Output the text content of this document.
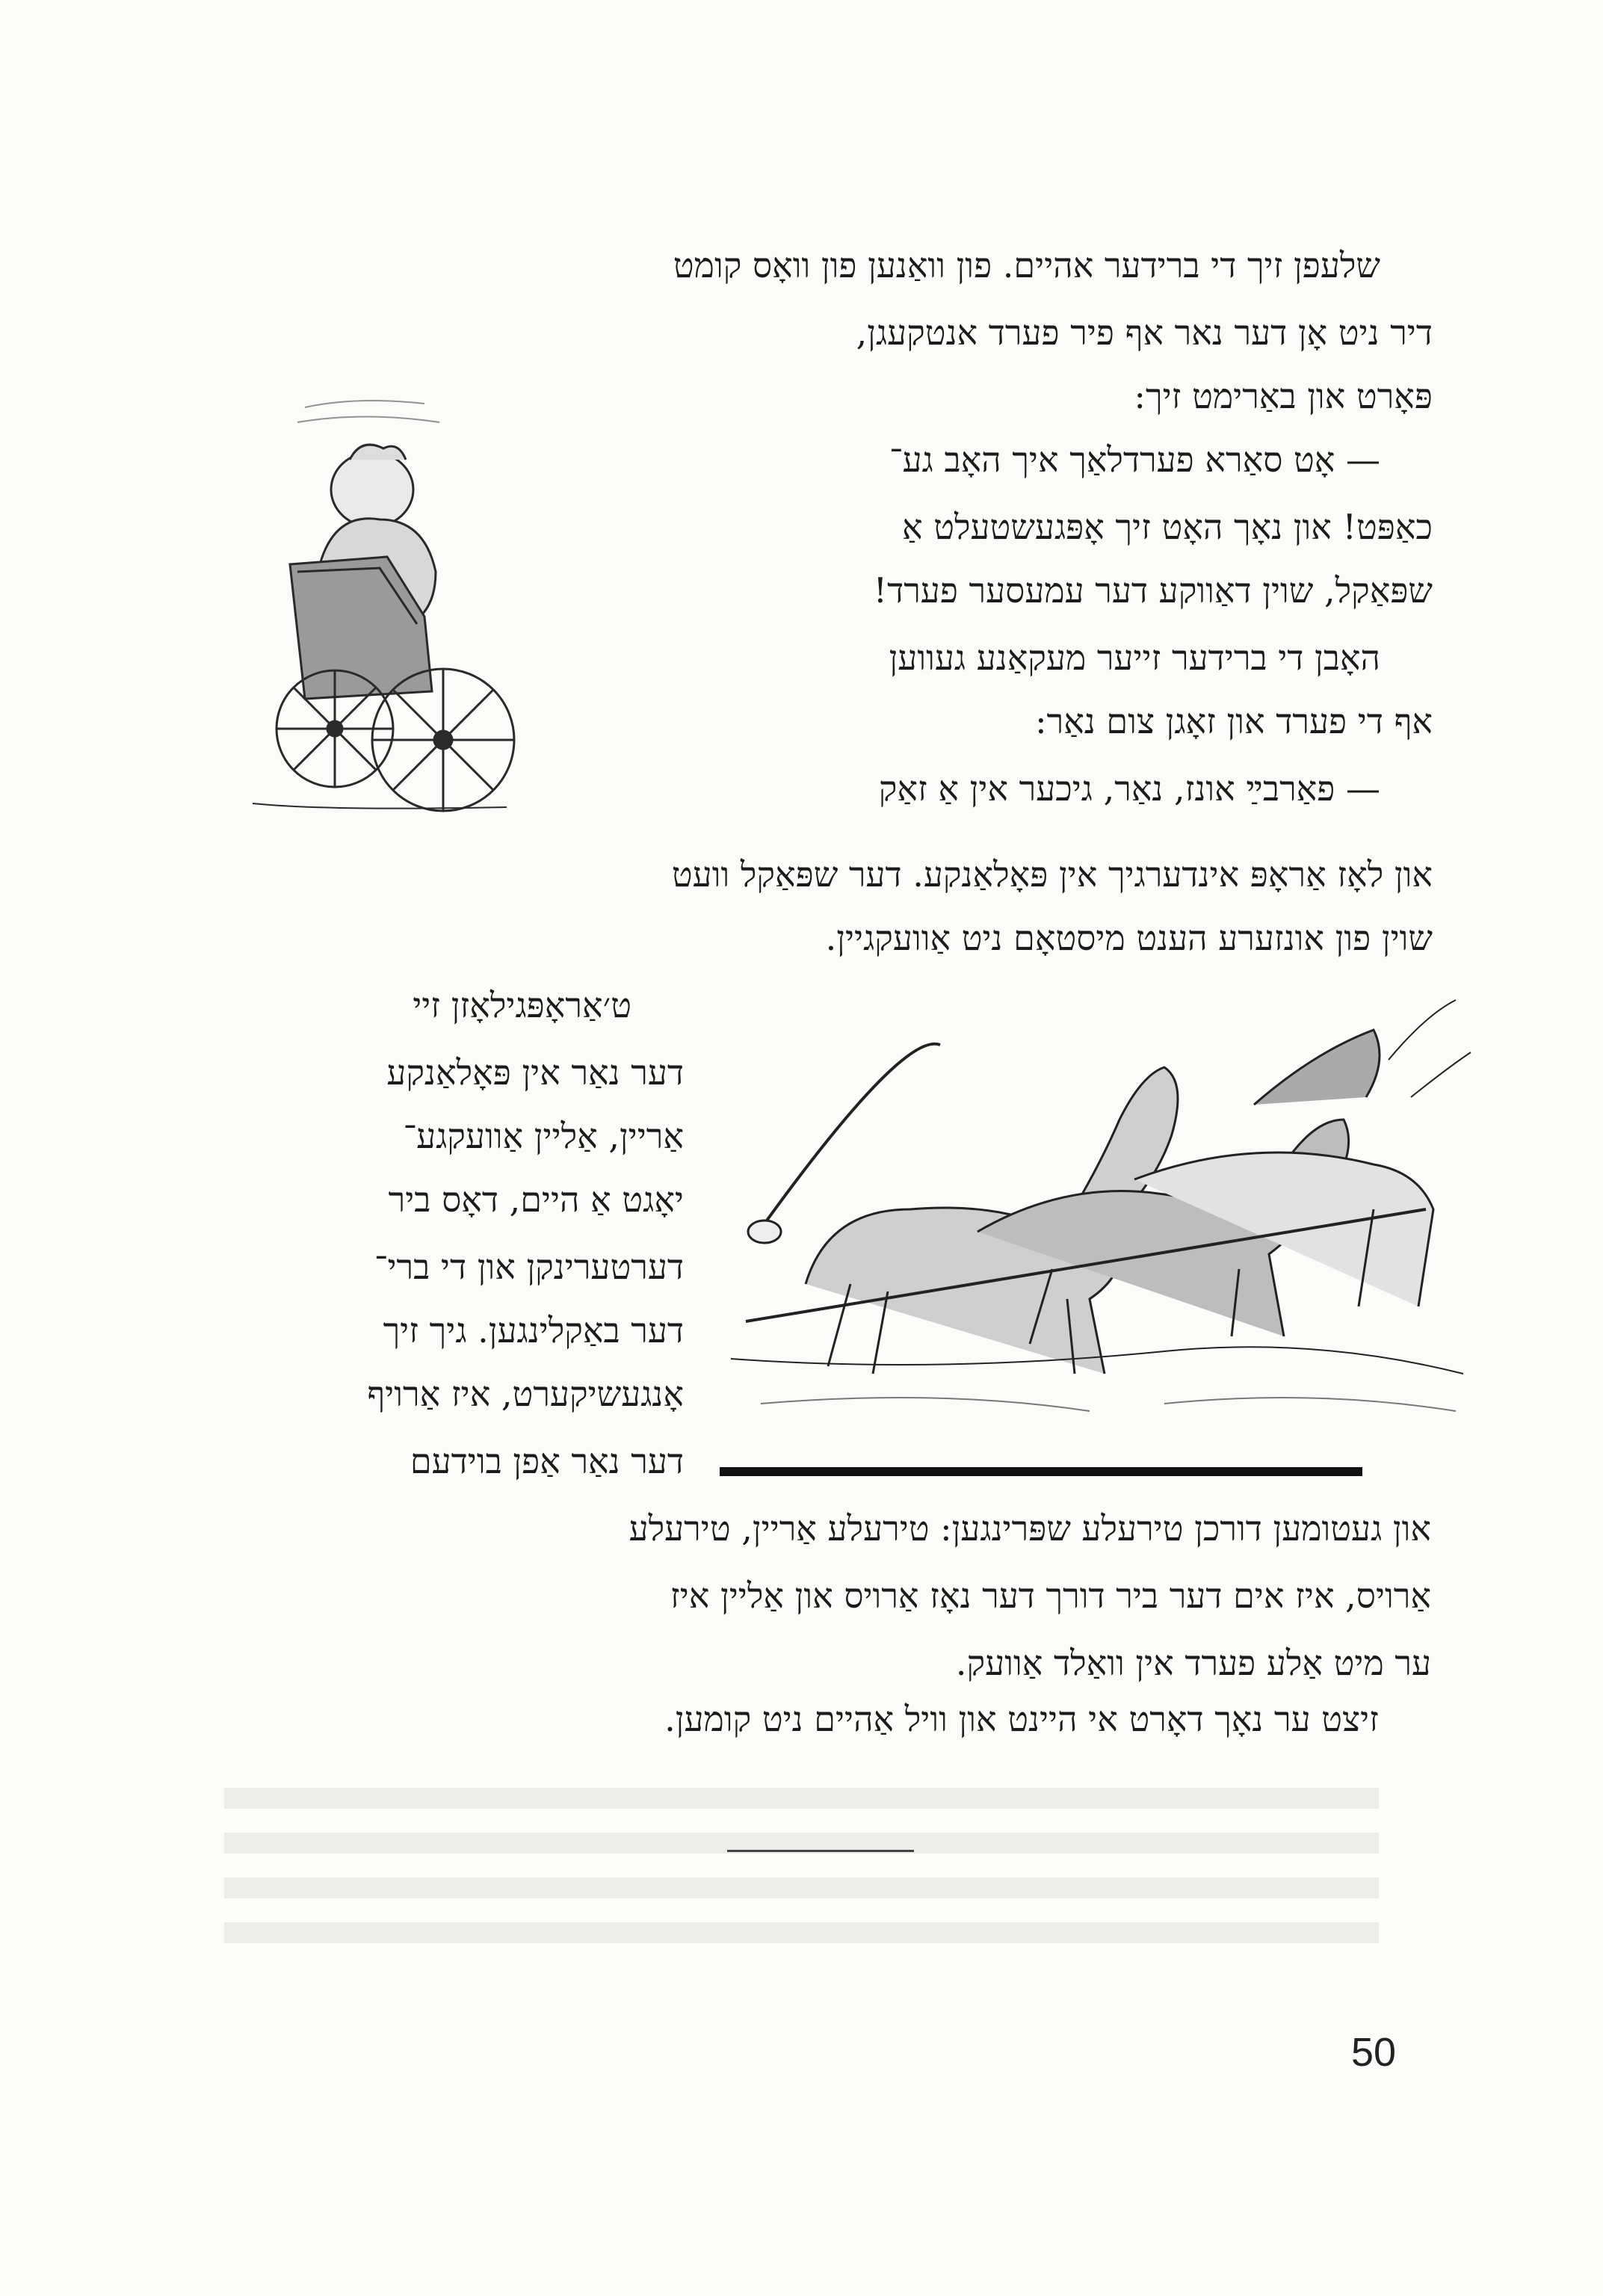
שלעפן זיך די ברידער אהיים. פון וואַנען פון וואָס קומט
דיר ניט אָן דער נאר אף פיר פערד אנטקעגן,
פּאָרט און באַרימט זיך:
— אָט סאַרא פערדלאַך איך האָב גע־
כאַפּט! און נאָך האָט זיך אָפּגעשטעלט אַ
שפּאַקל, שוין דאַווקע דער עמעסער פערד!
האָבן די ברידער זייער מעקאַנע געווען
אף די פערד און זאָגן צום נאַר:
— פאַרבײַ אונז, נאַר, גיכער אין אַ זאַק
און לאָז אַראָפּ אינדערגיך אין פּאָלאַנקע. דער שפּאַקל וועט
שוין פון אונזערע הענט מיסטאָם ניט אַוועקגיין.
ט׳אַראָפּגילאָזן זיי
דער נאַר אין פּאָלאַנקע
אַריין, אַליין אַוועקגע־
יאָגט אַ היים, דאָס ביר
דערטערינקן און די ברי־
דער באַקלינגען. גיך זיך
אָנגעשיקערט, איז אַרויף
דער נאַר אַפן בוידעם
און געטומען דורכן טירעלע שפּרינגען: טירעלע אַריין, טירעלע
אַרויס, איז אים דער ביר דורך דער נאָז אַרויס און אַליין איז
ער מיט אַלע פערד אין וואַלד אַוועק.
זיצט ער נאָך דאָרט אי היינט און וויל אַהיים ניט קומען.
50
